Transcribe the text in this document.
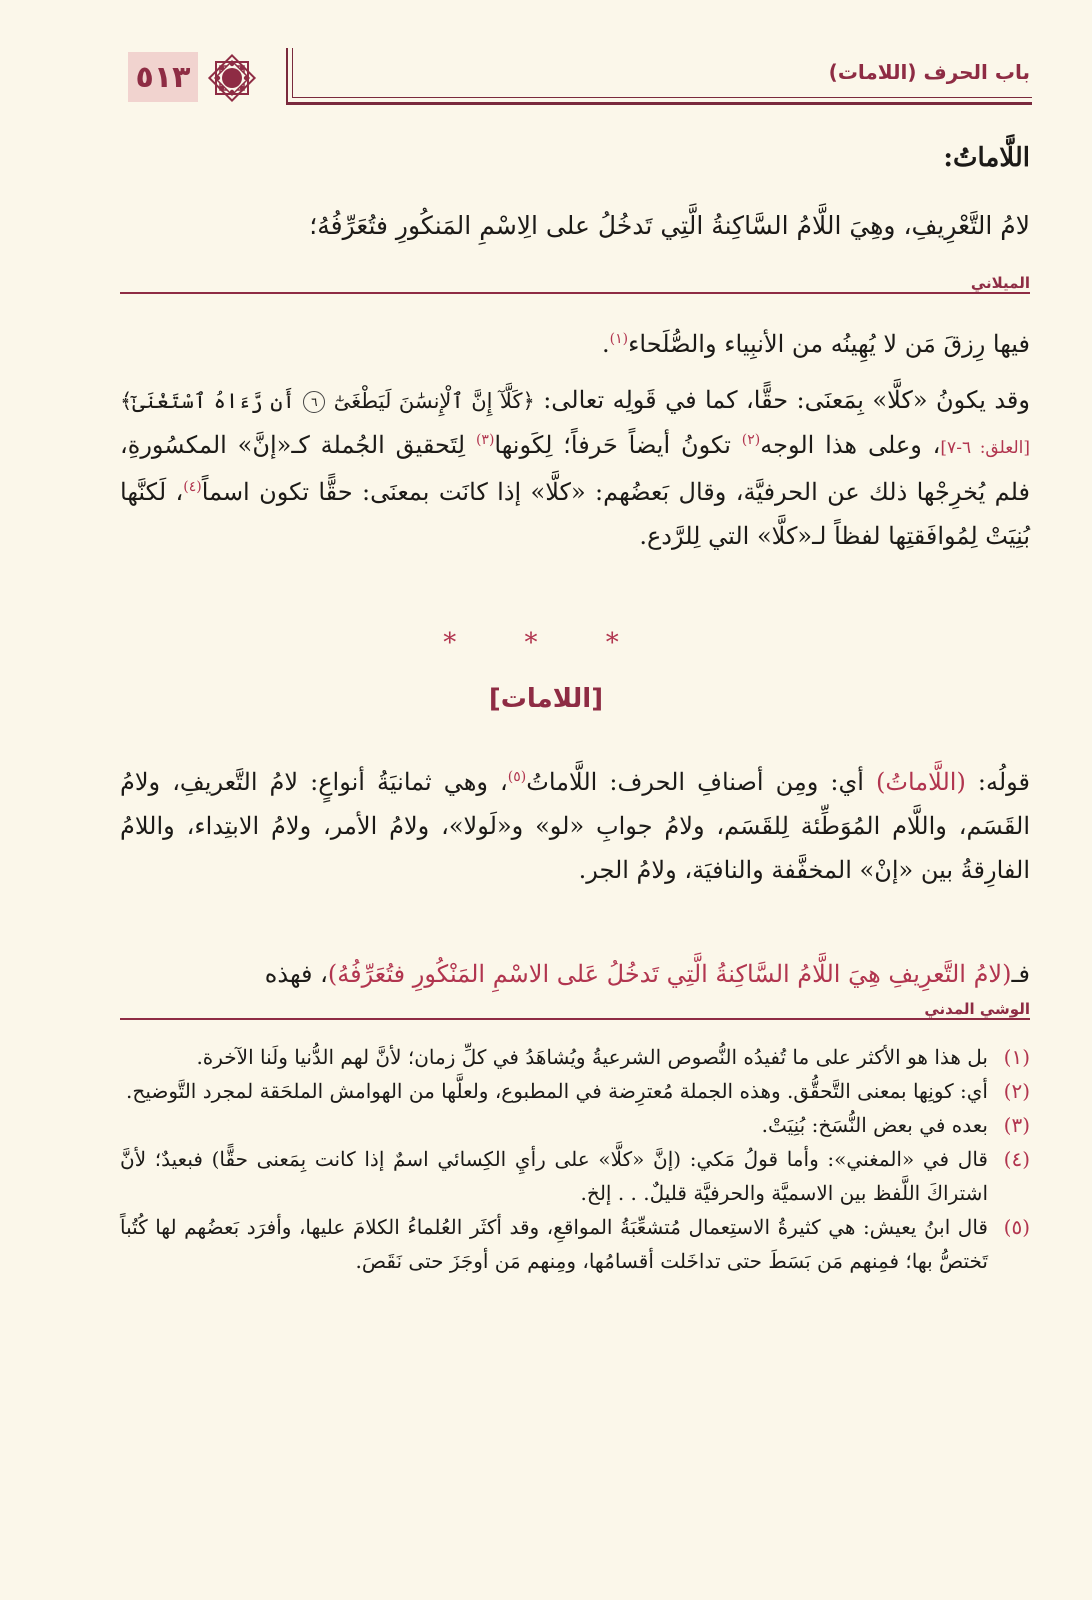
٥١٣	باب الحرف (اللامات)
اللَّاماتُ:
لامُ التَّعْرِيفِ، وهِيَ اللَّامُ السَّاكِنةُ الَّتِي تَدخُلُ على الِاسْمِ المَنكُورِ فتُعَرِّفُهُ؛
الميلاني
فيها رِزقَ مَن لا يُهِينُه من الأنبِياء والصُّلَحاء$^{(١)}$.
وقد يكونُ «كلَّا» بِمَعنَى: حقًّا، كما في قَولِه تعالى: ﴿كَلَّآ إِنَّ ٱلْإِنسَٰنَ لَيَطْغَىٰٓ ٦ أَن رَّءَاهُ ٱسْتَغْنَىٰٓ﴾[العلق: ٦-٧]، وعلى هذا الوجه$^{(٢)}$ تكونُ أيضاً حَرفاً؛ لِكَونها$^{(٣)}$ لِتَحقيق الجُملة كـ«إنَّ» المكسُورةِ، فلم يُخرِجْها ذلك عن الحرفيَّة، وقال بَعضُهم: «كلَّا» إذا كانَت بمعنَى: حقًّا تكون اسماً$^{(٤)}$، لَكنَّها بُنِيَتْ لِمُوافَقتِها لفظاً لـ«كلَّا» التي لِلرَّدع.
* * *
[اللامات]
قولُه: (اللَّاماتُ) أي: ومِن أصنافِ الحرف: اللَّاماتُ$^{(٥)}$، وهي ثمانيَةُ أنواعٍ: لامُ التَّعريفِ، ولامُ القَسَم، واللَّام المُوَطِّئة لِلقَسَم، ولامُ جوابِ «لو» و«لَولا»، ولامُ الأمر، ولامُ الابتِداء، واللامُ الفارِقةُ بين «إنْ» المخفَّفة والنافيَة، ولامُ الجر.
فـ(لامُ التَّعرِيفِ هِيَ اللَّامُ السَّاكِنةُ الَّتِي تَدخُلُ عَلى الاسْمِ المَنْكُورِ فتُعَرِّفُهُ)، فهذه
الوشي المدني
(١)
بل هذا هو الأكثر على ما تُفيدُه النُّصوص الشرعيةُ ويُشاهَدُ في كلِّ زمان؛ لأنَّ لهم الدُّنيا ولَنا الآخرة.
(٢)
أي: كونِها بمعنى التَّحقُّق. وهذه الجملة مُعترِضة في المطبوع، ولعلَّها من الهوامش الملحَقة لمجرد التَّوضيح.
(٣)
بعده في بعض النُّسَخ: بُنِيَتْ.
(٤)
قال في «المغني»: وأما قولُ مَكي: (إنَّ «كلَّا» على رأيِ الكِسائي اسمٌ إذا كانت بِمَعنى حقًّا) فبعيدٌ؛ لأنَّ اشتراكَ اللَّفظ بين الاسميَّة والحرفيَّة قليلٌ. . . إلخ.
(٥)
قال ابنُ يعيش: هي كثيرةُ الاستِعمال مُتشعِّبَةُ المواقعِ، وقد أكثَر العُلماءُ الكلامَ عليها، وأفرَد بَعضُهم لها كُتُباً تَختصُّ بها؛ فمِنهم مَن بَسَطَ حتى تداخَلت أقسامُها، ومِنهم مَن أوجَزَ حتى نَقَصَ.
